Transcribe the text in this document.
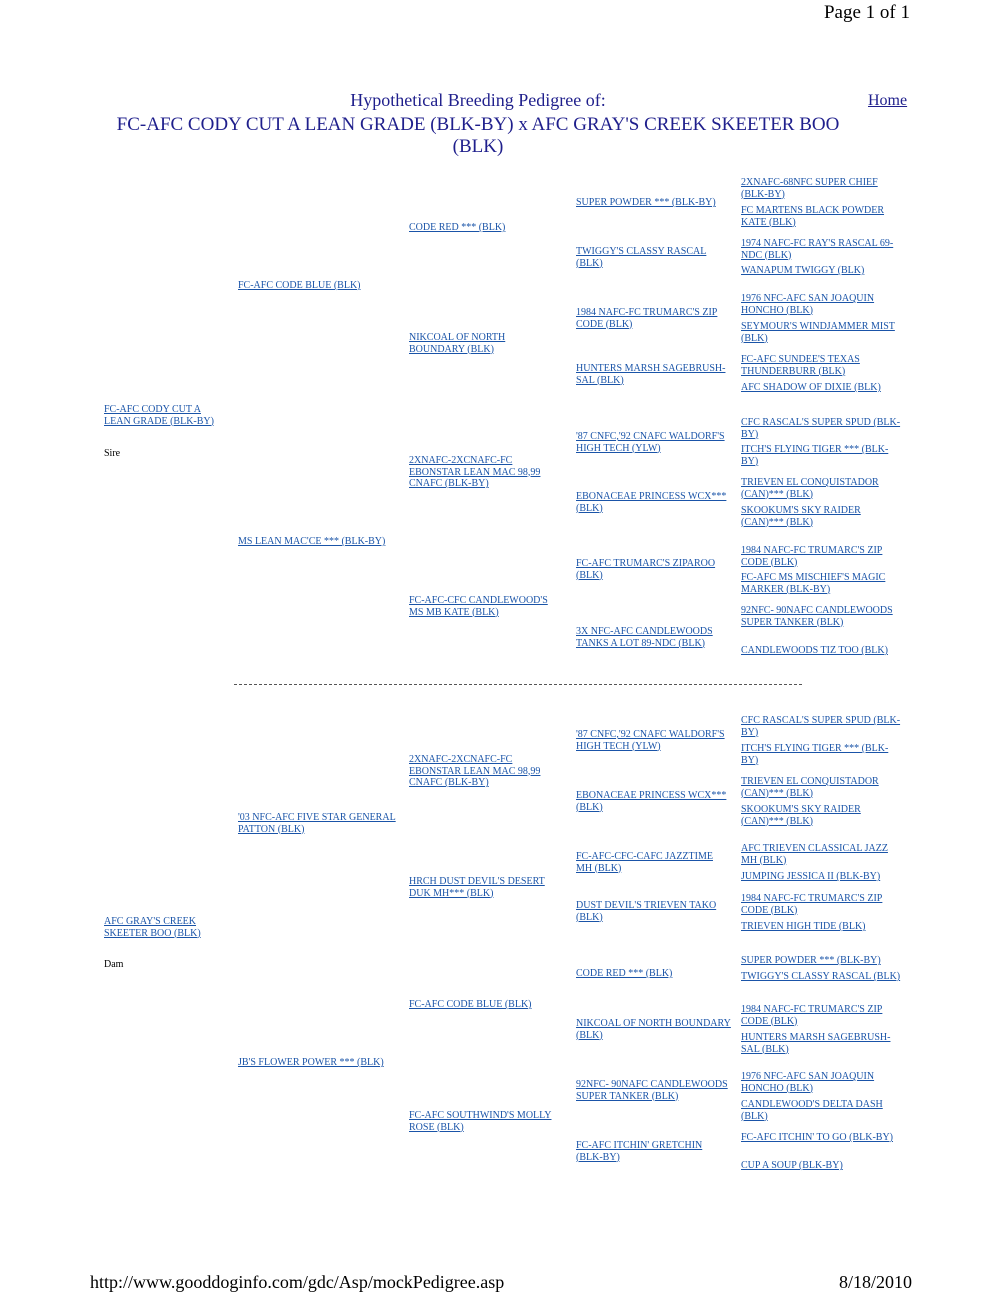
Page 1 of 1
Hypothetical Breeding Pedigree of:
FC-AFC CODY CUT A LEAN GRADE (BLK-BY) x AFC GRAY'S CREEK SKEETER BOO (BLK)
Home
FC-AFC CODY CUT A LEAN GRADE (BLK-BY)
Sire
FC-AFC CODE BLUE (BLK)
MS LEAN MAC'CE *** (BLK-BY)
CODE RED *** (BLK)
NIKCOAL OF NORTH BOUNDARY (BLK)
2XNAFC-2XCNAFC-FC EBONSTAR LEAN MAC 98,99 CNAFC (BLK-BY)
FC-AFC-CFC CANDLEWOOD'S MS MB KATE (BLK)
SUPER POWDER *** (BLK-BY)
TWIGGY'S CLASSY RASCAL (BLK)
1984 NAFC-FC TRUMARC'S ZIP CODE (BLK)
HUNTERS MARSH SAGEBRUSH-SAL (BLK)
'87 CNFC,'92 CNAFC WALDORF'S HIGH TECH (YLW)
EBONACEAE PRINCESS WCX*** (BLK)
FC-AFC TRUMARC'S ZIPAROO (BLK)
3X NFC-AFC CANDLEWOODS TANKS A LOT 89-NDC (BLK)
2XNAFC-68NFC SUPER CHIEF (BLK-BY)
FC MARTENS BLACK POWDER KATE (BLK)
1974 NAFC-FC RAY'S RASCAL 69-NDC (BLK)
WANAPUM TWIGGY (BLK)
1976 NFC-AFC SAN JOAQUIN HONCHO (BLK)
SEYMOUR'S WINDJAMMER MIST (BLK)
FC-AFC SUNDEE'S TEXAS THUNDERBURR (BLK)
AFC SHADOW OF DIXIE (BLK)
CFC RASCAL'S SUPER SPUD (BLK-BY)
ITCH'S FLYING TIGER *** (BLK-BY)
TRIEVEN EL CONQUISTADOR (CAN)*** (BLK)
SKOOKUM'S SKY RAIDER (CAN)*** (BLK)
1984 NAFC-FC TRUMARC'S ZIP CODE (BLK)
FC-AFC MS MISCHIEF'S MAGIC MARKER (BLK-BY)
92NFC- 90NAFC CANDLEWOODS SUPER TANKER (BLK)
CANDLEWOODS TIZ TOO (BLK)
AFC GRAY'S CREEK SKEETER BOO (BLK)
Dam
'03 NFC-AFC FIVE STAR GENERAL PATTON (BLK)
JB'S FLOWER POWER *** (BLK)
2XNAFC-2XCNAFC-FC EBONSTAR LEAN MAC 98,99 CNAFC (BLK-BY)
HRCH DUST DEVIL'S DESERT DUK MH*** (BLK)
FC-AFC CODE BLUE (BLK)
FC-AFC SOUTHWIND'S MOLLY ROSE (BLK)
'87 CNFC,'92 CNAFC WALDORF'S HIGH TECH (YLW)
EBONACEAE PRINCESS WCX*** (BLK)
FC-AFC-CFC-CAFC JAZZTIME MH (BLK)
DUST DEVIL'S TRIEVEN TAKO (BLK)
CODE RED *** (BLK)
NIKCOAL OF NORTH BOUNDARY (BLK)
92NFC- 90NAFC CANDLEWOODS SUPER TANKER (BLK)
FC-AFC ITCHIN' GRETCHIN (BLK-BY)
CFC RASCAL'S SUPER SPUD (BLK-BY)
ITCH'S FLYING TIGER *** (BLK-BY)
TRIEVEN EL CONQUISTADOR (CAN)*** (BLK)
SKOOKUM'S SKY RAIDER (CAN)*** (BLK)
AFC TRIEVEN CLASSICAL JAZZ MH (BLK)
JUMPING JESSICA II (BLK-BY)
1984 NAFC-FC TRUMARC'S ZIP CODE (BLK)
TRIEVEN HIGH TIDE (BLK)
SUPER POWDER *** (BLK-BY)
TWIGGY'S CLASSY RASCAL (BLK)
1984 NAFC-FC TRUMARC'S ZIP CODE (BLK)
HUNTERS MARSH SAGEBRUSH-SAL (BLK)
1976 NFC-AFC SAN JOAQUIN HONCHO (BLK)
CANDLEWOOD'S DELTA DASH (BLK)
FC-AFC ITCHIN' TO GO (BLK-BY)
CUP A SOUP (BLK-BY)
http://www.gooddoginfo.com/gdc/Asp/mockPedigree.asp	8/18/2010
